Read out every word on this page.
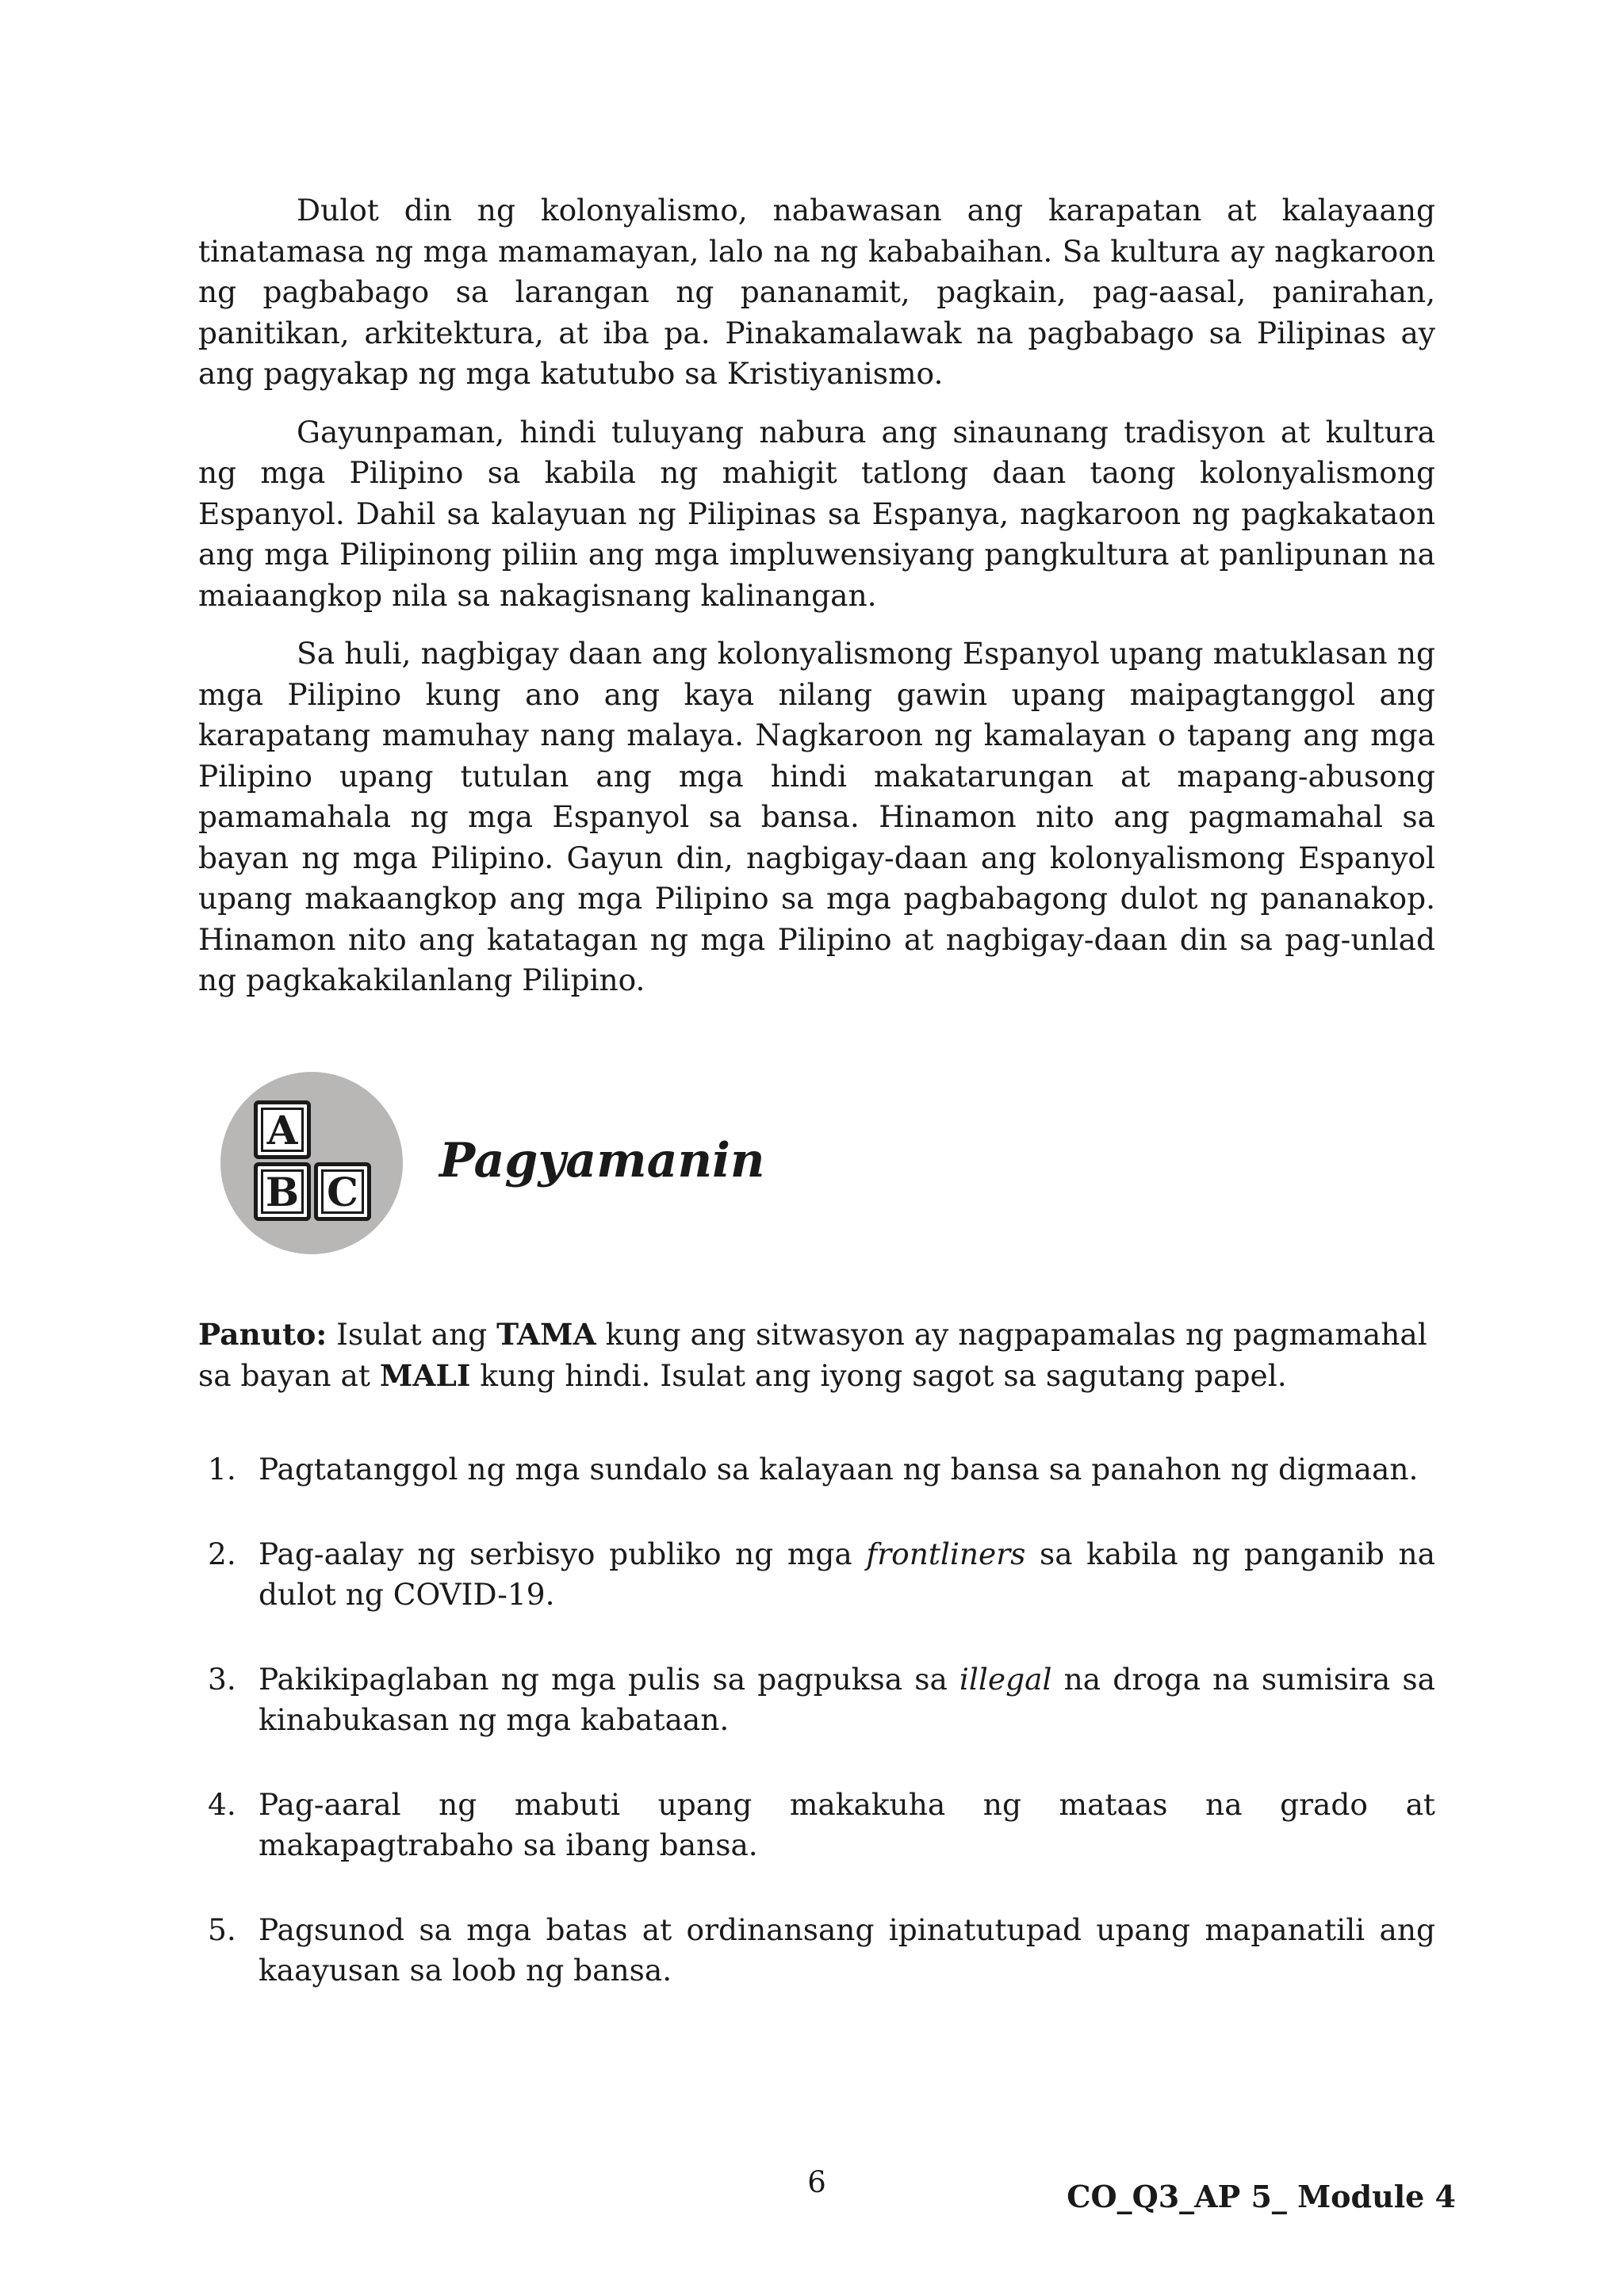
Dulot din ng kolonyalismo, nabawasan ang karapatan at kalayaang tinatamasa ng mga mamamayan, lalo na ng kababaihan. Sa kultura ay nagkaroon ng pagbabago sa larangan ng pananamit, pagkain, pag-aasal, panirahan, panitikan, arkitektura, at iba pa. Pinakamalawak na pagbabago sa Pilipinas ay ang pagyakap ng mga katutubo sa Kristiyanismo.

Gayunpaman, hindi tuluyang nabura ang sinaunang tradisyon at kultura ng mga Pilipino sa kabila ng mahigit tatlong daan taong kolonyalismong Espanyol. Dahil sa kalayuan ng Pilipinas sa Espanya, nagkaroon ng pagkakataon ang mga Pilipinong piliin ang mga impluwensiyang pangkultura at panlipunan na maiaangkop nila sa nakagisnang kalinangan.

Sa huli, nagbigay daan ang kolonyalismong Espanyol upang matuklasan ng mga Pilipino kung ano ang kaya nilang gawin upang maipagtanggol ang karapatang mamuhay nang malaya. Nagkaroon ng kamalayan o tapang ang mga Pilipino upang tutulan ang mga hindi makatarungan at mapang-abusong pamamahala ng mga Espanyol sa bansa. Hinamon nito ang pagmamahal sa bayan ng mga Pilipino. Gayun din, nagbigay-daan ang kolonyalismong Espanyol upang makaangkop ang mga Pilipino sa mga pagbabagong dulot ng pananakop. Hinamon nito ang katatagan ng mga Pilipino at nagbigay-daan din sa pag-unlad ng pagkakakilanlang Pilipino.

A
B C
Pagyamanin

Panuto: Isulat ang TAMA kung ang sitwasyon ay nagpapamalas ng pagmamahal sa bayan at MALI kung hindi. Isulat ang iyong sagot sa sagutang papel.

1. Pagtatanggol ng mga sundalo sa kalayaan ng bansa sa panahon ng digmaan.
2. Pag-aalay ng serbisyo publiko ng mga frontliners sa kabila ng panganib na dulot ng COVID-19.
3. Pakikipaglaban ng mga pulis sa pagpuksa sa illegal na droga na sumisira sa kinabukasan ng mga kabataan.
4. Pag-aaral ng mabuti upang makakuha ng mataas na grado at makapagtrabaho sa ibang bansa.
5. Pagsunod sa mga batas at ordinansang ipinatutupad upang mapanatili ang kaayusan sa loob ng bansa.
6	CO_Q3_AP 5_ Module 4
